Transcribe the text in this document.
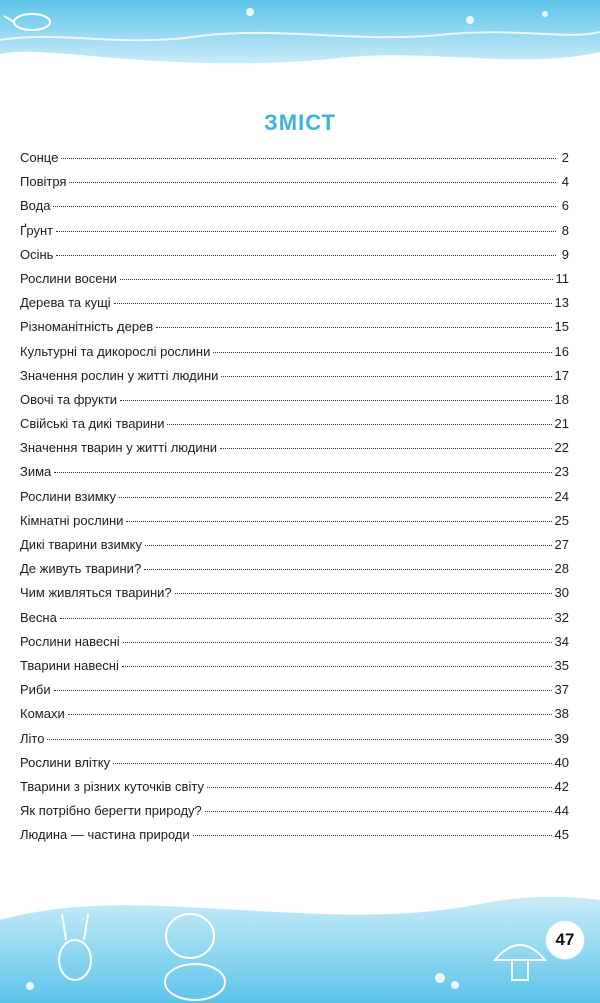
ЗМІСТ
Сонце	2
Повітря	4
Вода	6
Ґрунт	8
Осінь	9
Рослини восени	11
Дерева та кущі	13
Різноманітність дерев	15
Культурні та дикорослі рослини	16
Значення рослин у житті людини	17
Овочі та фрукти	18
Свійські та дикі тварини	21
Значення тварин у житті людини	22
Зима	23
Рослини взимку	24
Кімнатні рослини	25
Дикі тварини взимку	27
Де живуть тварини?	28
Чим живляться тварини?	30
Весна	32
Рослини навесні	34
Тварини навесні	35
Риби	37
Комахи	38
Літо	39
Рослини влітку	40
Тварини з різних куточків світу	42
Як потрібно берегти природу?	44
Людина — частина природи	45
47
